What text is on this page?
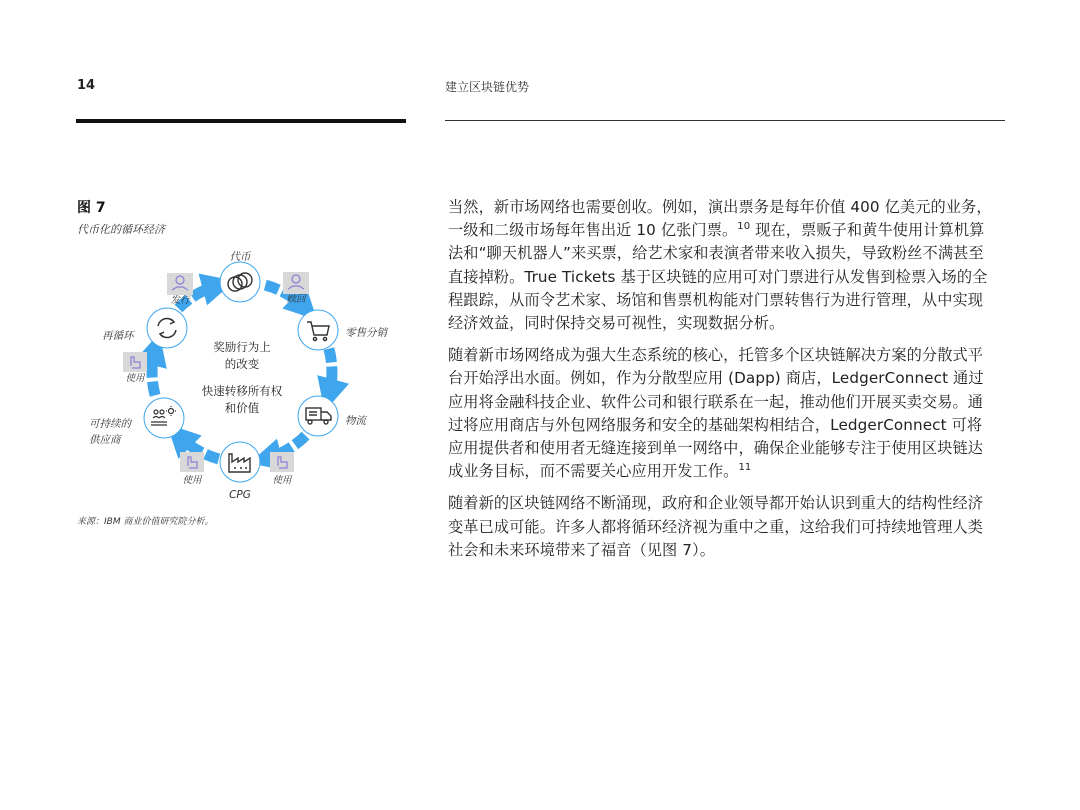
14	建立区块链优势
图 7
代币化的循环经济
代币
发行	赎回
零售分销
物流
使用
CPG
使用
可持续的
供应商
使用
再循环
奖励行为上
的改变
快速转移所有权
和价值
来源：IBM 商业价值研究院分析。

当然，新市场网络也需要创收。例如，演出票务是每年价值 400 亿美元的业务，一级和二级市场每年售出近 10 亿张门票。$^{10}$ 现在，票贩子和黄牛使用计算机算法和“聊天机器人”来买票，给艺术家和表演者带来收入损失，导致粉丝不满甚至直接掉粉。True Tickets 基于区块链的应用可对门票进行从发售到检票入场的全程跟踪，从而令艺术家、场馆和售票机构能对门票转售行为进行管理，从中实现经济效益，同时保持交易可视性，实现数据分析。

随着新市场网络成为强大生态系统的核心，托管多个区块链解决方案的分散式平台开始浮出水面。例如，作为分散型应用 (Dapp) 商店，LedgerConnect 通过应用将金融科技企业、软件公司和银行联系在一起，推动他们开展买卖交易。通过将应用商店与外包网络服务和安全的基础架构相结合，LedgerConnect 可将应用提供者和使用者无缝连接到单一网络中，确保企业能够专注于使用区块链达成业务目标，而不需要关心应用开发工作。$^{11}$

随着新的区块链网络不断涌现，政府和企业领导都开始认识到重大的结构性经济变革已成可能。许多人都将循环经济视为重中之重，这给我们可持续地管理人类社会和未来环境带来了福音（见图 7）。
